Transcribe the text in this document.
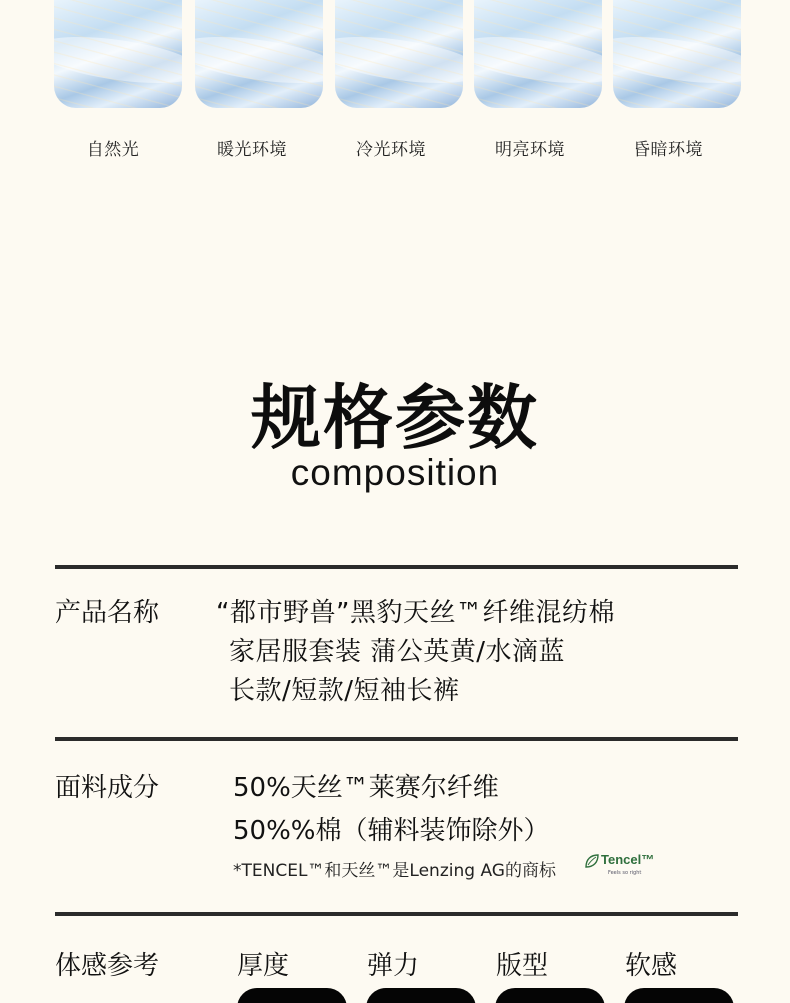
自然光	暖光环境	冷光环境	明亮环境	昏暗环境
规格参数
composition
产品名称 “都市野兽”黑豹天丝™纤维混纺棉
家居服套装 蒲公英黄/水滴蓝
长款/短款/短袖长裤
面料成分	50%天丝™莱赛尔纤维
50%%棉（辅料装饰除外）
*TENCEL™和天丝™是Lenzing AG的商标
Tencel™
Feels so right
体感参考	厚度	弹力	版型	软感
